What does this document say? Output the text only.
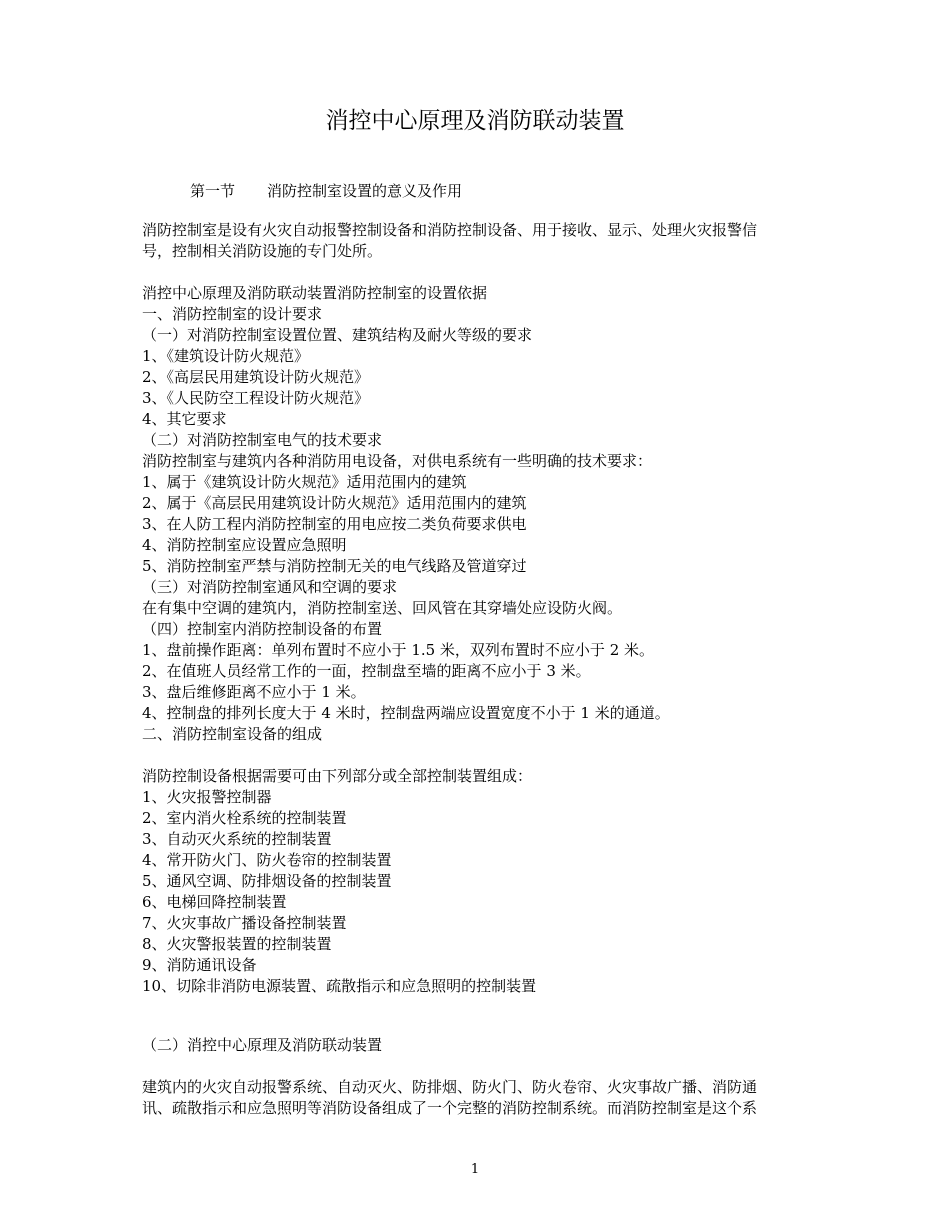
消控中心原理及消防联动装置
第一节 消防控制室设置的意义及作用
消防控制室是设有火灾自动报警控制设备和消防控制设备、用于接收、显示、处理火灾报警信
号，控制相关消防设施的专门处所。
消控中心原理及消防联动装置消防控制室的设置依据
一、消防控制室的设计要求
（一）对消防控制室设置位置、建筑结构及耐火等级的要求
1、《建筑设计防火规范》
2、《高层民用建筑设计防火规范》
3、《人民防空工程设计防火规范》
4、其它要求
（二）对消防控制室电气的技术要求
消防控制室与建筑内各种消防用电设备，对供电系统有一些明确的技术要求：
1、属于《建筑设计防火规范》适用范围内的建筑
2、属于《高层民用建筑设计防火规范》适用范围内的建筑
3、在人防工程内消防控制室的用电应按二类负荷要求供电
4、消防控制室应设置应急照明
5、消防控制室严禁与消防控制无关的电气线路及管道穿过
（三）对消防控制室通风和空调的要求
在有集中空调的建筑内，消防控制室送、回风管在其穿墙处应设防火阀。
（四）控制室内消防控制设备的布置
1、盘前操作距离：单列布置时不应小于 1.5 米，双列布置时不应小于 2 米。
2、在值班人员经常工作的一面，控制盘至墙的距离不应小于 3 米。
3、盘后维修距离不应小于 1 米。
4、控制盘的排列长度大于 4 米时，控制盘两端应设置宽度不小于 1 米的通道。
二、消防控制室设备的组成
消防控制设备根据需要可由下列部分或全部控制装置组成：
1、火灾报警控制器
2、室内消火栓系统的控制装置
3、自动灭火系统的控制装置
4、常开防火门、防火卷帘的控制装置
5、通风空调、防排烟设备的控制装置
6、电梯回降控制装置
7、火灾事故广播设备控制装置
8、火灾警报装置的控制装置
9、消防通讯设备
10、切除非消防电源装置、疏散指示和应急照明的控制装置
（二）消控中心原理及消防联动装置
建筑内的火灾自动报警系统、自动灭火、防排烟、防火门、防火卷帘、火灾事故广播、消防通
讯、疏散指示和应急照明等消防设备组成了一个完整的消防控制系统。而消防控制室是这个系
1
